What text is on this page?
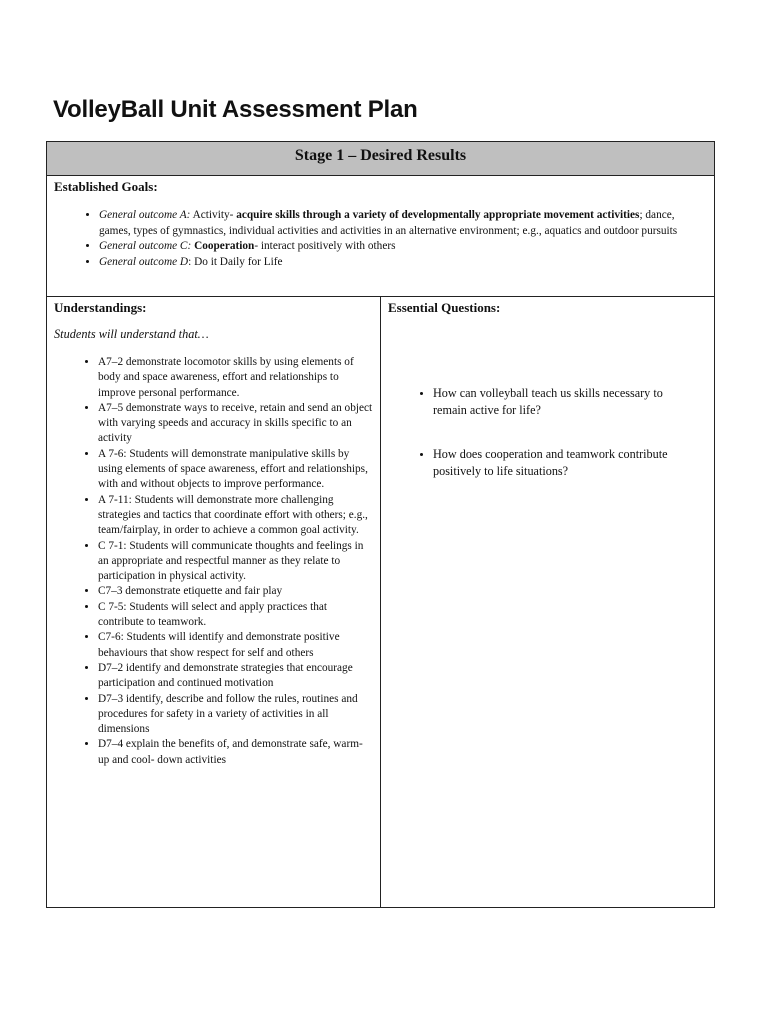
VolleyBall Unit Assessment Plan
Stage 1 – Desired Results

Established Goals:
• General outcome A: Activity- acquire skills through a variety of developmentally appropriate movement activities; dance, games, types of gymnastics, individual activities and activities in an alternative environment; e.g., aquatics and outdoor pursuits
• General outcome C: Cooperation- interact positively with others
• General outcome D: Do it Daily for Life

Understandings:
Students will understand that…
• A7–2 demonstrate locomotor skills by using elements of body and space awareness, effort and relationships to improve personal performance.
• A7–5 demonstrate ways to receive, retain and send an object with varying speeds and accuracy in skills specific to an activity
• A 7-6: Students will demonstrate manipulative skills by using elements of space awareness, effort and relationships, with and without objects to improve performance.
• A 7-11: Students will demonstrate more challenging strategies and tactics that coordinate effort with others; e.g., team/fairplay, in order to achieve a common goal activity.
• C 7-1: Students will communicate thoughts and feelings in an appropriate and respectful manner as they relate to participation in physical activity.
• C7–3 demonstrate etiquette and fair play
• C 7-5: Students will select and apply practices that contribute to teamwork.
• C7-6: Students will identify and demonstrate positive behaviours that show respect for self and others
• D7–2 identify and demonstrate strategies that encourage participation and continued motivation
• D7–3 identify, describe and follow the rules, routines and procedures for safety in a variety of activities in all dimensions
• D7–4 explain the benefits of, and demonstrate safe, warm-up and cool- down activities

Essential Questions:
• How can volleyball teach us skills necessary to remain active for life?
• How does cooperation and teamwork contribute positively to life situations?
